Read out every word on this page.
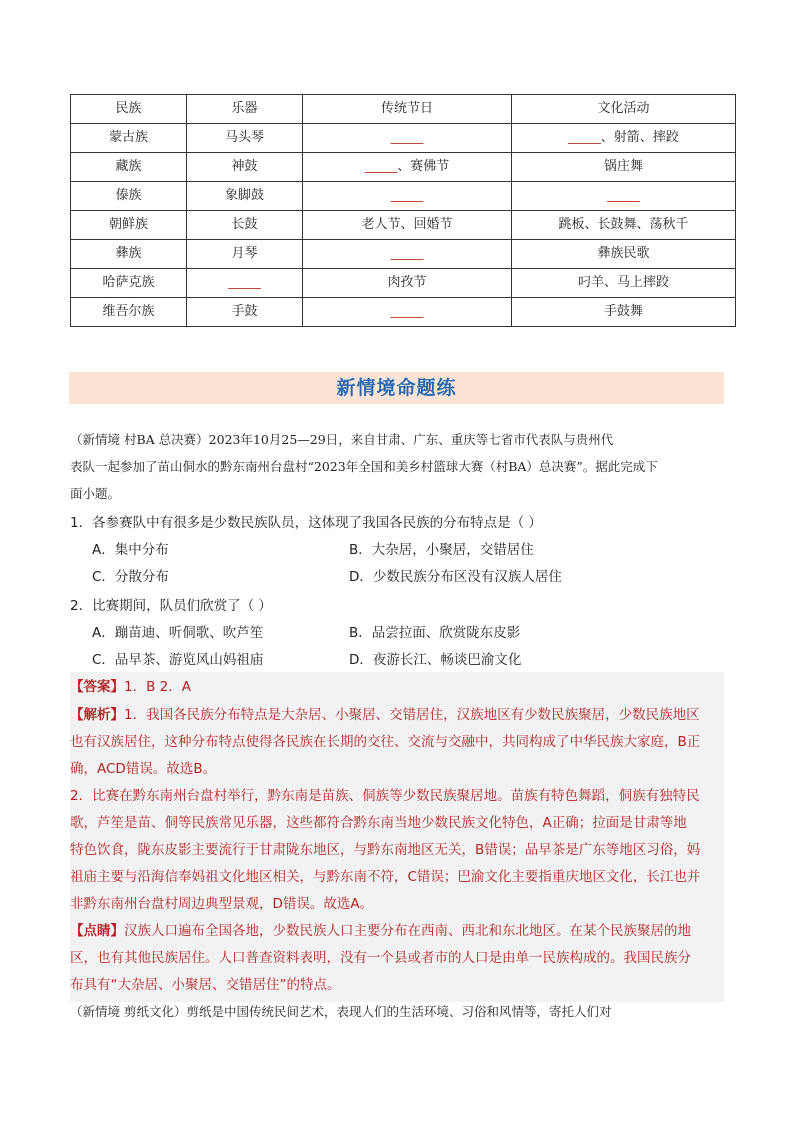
民族	乐器	传统节日	文化活动
蒙古族	马头琴	_____	_____、射箭、摔跤
藏族	神鼓	_____、赛佛节	锅庄舞
傣族	象脚鼓	_____	_____
朝鲜族	长鼓	老人节、回婚节	跳板、长鼓舞、荡秋千
彝族	月琴	_____	彝族民歌
哈萨克族	_____	肉孜节	叼羊、马上摔跤
维吾尔族	手鼓	_____	手鼓舞
新情境命题练
（新情境 村BA 总决赛）2023年10月25—29日，来自甘肃、广东、重庆等七省市代表队与贵州代
表队一起参加了苗山侗水的黔东南州台盘村“2023年全国和美乡村篮球大赛（村BA）总决赛”。据此完成下
面小题。
1．各参赛队中有很多是少数民族队员，这体现了我国各民族的分布特点是（ ）
A．集中分布	B．大杂居，小聚居，交错居住
C．分散分布	D．少数民族分布区没有汉族人居住
2．比赛期间，队员们欣赏了（ ）
A．蹦苗迪、听侗歌、吹芦笙	B．品尝拉面、欣赏陇东皮影
C．品早茶、游览风山妈祖庙	D．夜游长江、畅谈巴渝文化
【答案】1．B 2．A
【解析】1．我国各民族分布特点是大杂居、小聚居、交错居住，汉族地区有少数民族聚居，少数民族地区
也有汉族居住，这种分布特点使得各民族在长期的交往、交流与交融中，共同构成了中华民族大家庭，B正
确，ACD错误。故选B。
2．比赛在黔东南州台盘村举行，黔东南是苗族、侗族等少数民族聚居地。苗族有特色舞蹈，侗族有独特民
歌，芦笙是苗、侗等民族常见乐器，这些都符合黔东南当地少数民族文化特色，A正确；拉面是甘肃等地
特色饮食，陇东皮影主要流行于甘肃陇东地区，与黔东南地区无关，B错误；品早茶是广东等地区习俗，妈
祖庙主要与沿海信奉妈祖文化地区相关，与黔东南不符，C错误；巴渝文化主要指重庆地区文化，长江也并
非黔东南州台盘村周边典型景观，D错误。故选A。
【点睛】汉族人口遍布全国各地，少数民族人口主要分布在西南、西北和东北地区。在某个民族聚居的地
区，也有其他民族居住。人口普查资料表明，没有一个县或者市的人口是由单一民族构成的。我国民族分
布具有“大杂居、小聚居、交错居住”的特点。
（新情境 剪纸文化）剪纸是中国传统民间艺术，表现人们的生活环境、习俗和风情等，寄托人们对
